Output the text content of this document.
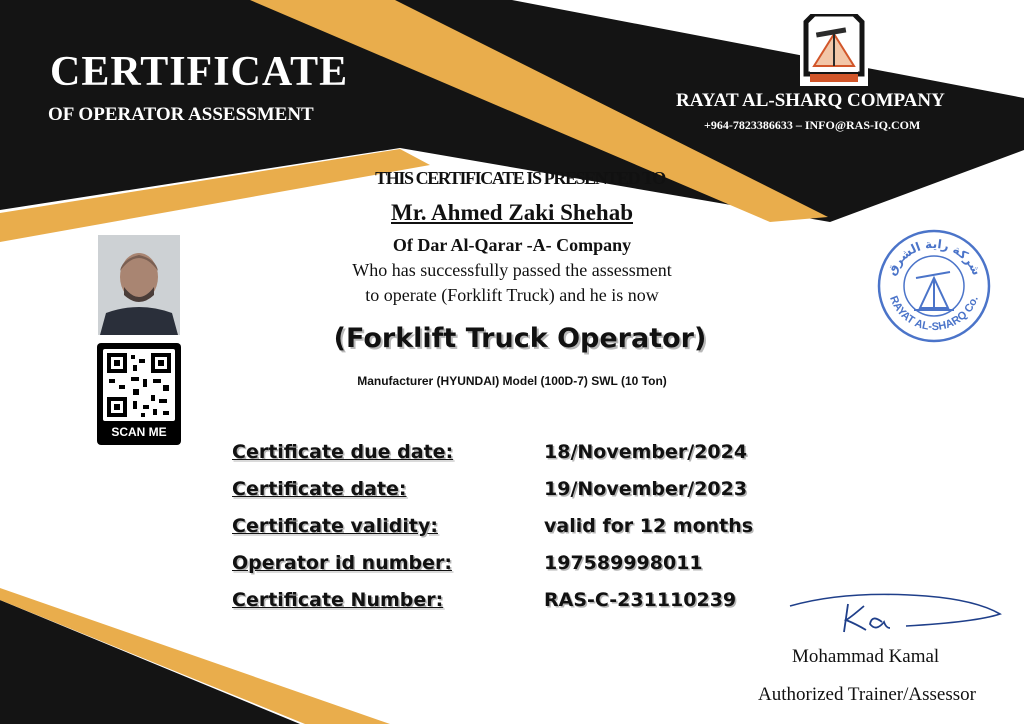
CERTIFICATE
OF OPERATOR ASSESSMENT
RAYAT AL-SHARQ COMPANY
+964-7823386633 – INFO@RAS-IQ.COM
THIS CERTIFICATE IS PRESENTED TO
Mr. Ahmed Zaki Shehab
Of Dar Al-Qarar -A- Company
Who has successfully passed the assessment
to operate (Forklift Truck) and he is now
(Forklift Truck Operator)
Manufacturer (HYUNDAI) Model (100D-7) SWL (10 Ton)
SCAN ME
Certificate due date:	18/November/2024
Certificate date:	19/November/2023
Certificate validity:	valid for 12 months
Operator id number:	197589998011
Certificate Number:	RAS-C-231110239
شركة راية الشرق
RAYAT AL-SHARQ Co.
Mohammad Kamal
Authorized Trainer/Assessor
